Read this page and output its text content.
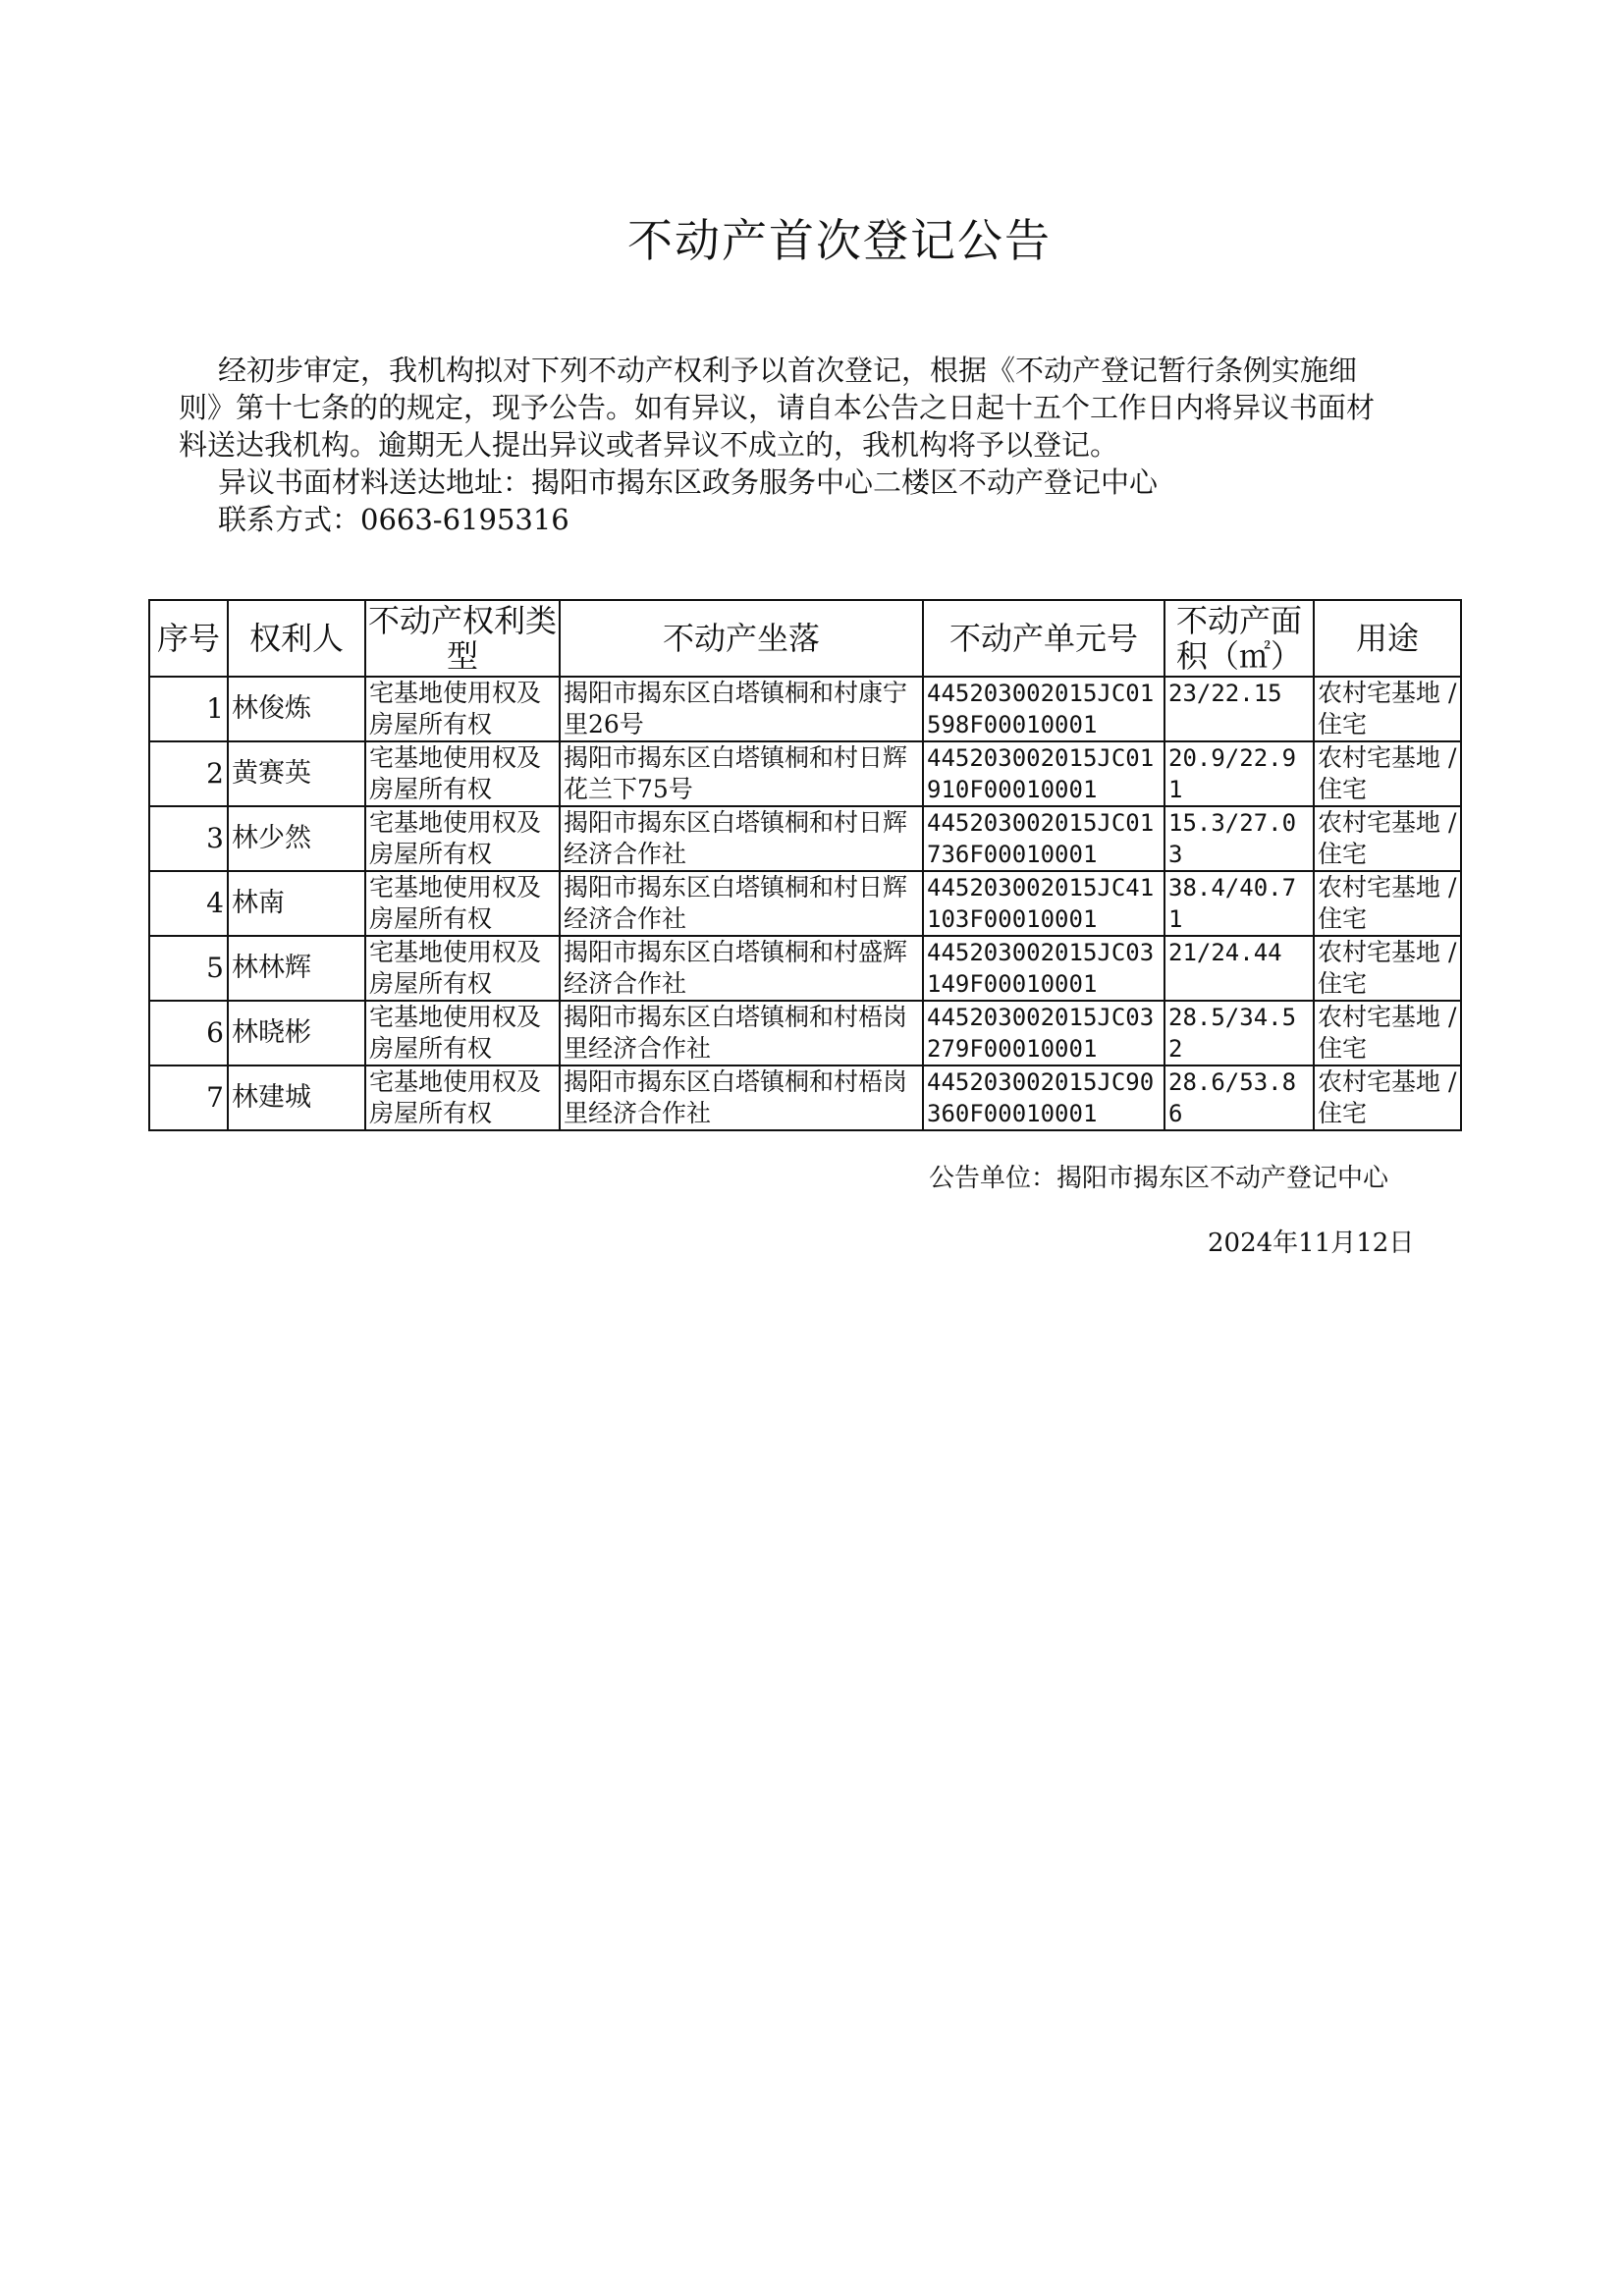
不动产首次登记公告
经初步审定，我机构拟对下列不动产权利予以首次登记，根据《不动产登记暂行条例实施细
则》第十七条的的规定，现予公告。如有异议，请自本公告之日起十五个工作日内将异议书面材
料送达我机构。逾期无人提出异议或者异议不成立的，我机构将予以登记。
异议书面材料送达地址：揭阳市揭东区政务服务中心二楼区不动产登记中心
联系方式：0663-6195316
序号	权利人	不动产权利类型	不动产坐落	不动产单元号	不动产面积（㎡）	用途
1	林俊炼	宅基地使用权及房屋所有权	揭阳市揭东区白塔镇桐和村康宁里26号	445203002015JC01598F00010001	23/22.15	农村宅基地 / 住宅
2	黄赛英	宅基地使用权及房屋所有权	揭阳市揭东区白塔镇桐和村日辉花兰下75号	445203002015JC01910F00010001	20.9/22.91	农村宅基地 / 住宅
3	林少然	宅基地使用权及房屋所有权	揭阳市揭东区白塔镇桐和村日辉经济合作社	445203002015JC01736F00010001	15.3/27.03	农村宅基地 / 住宅
4	林南	宅基地使用权及房屋所有权	揭阳市揭东区白塔镇桐和村日辉经济合作社	445203002015JC41103F00010001	38.4/40.71	农村宅基地 / 住宅
5	林林辉	宅基地使用权及房屋所有权	揭阳市揭东区白塔镇桐和村盛辉经济合作社	445203002015JC03149F00010001	21/24.44	农村宅基地 / 住宅
6	林晓彬	宅基地使用权及房屋所有权	揭阳市揭东区白塔镇桐和村梧岗里经济合作社	445203002015JC03279F00010001	28.5/34.52	农村宅基地 / 住宅
7	林建城	宅基地使用权及房屋所有权	揭阳市揭东区白塔镇桐和村梧岗里经济合作社	445203002015JC90360F00010001	28.6/53.86	农村宅基地 / 住宅
公告单位：揭阳市揭东区不动产登记中心
2024年11月12日
